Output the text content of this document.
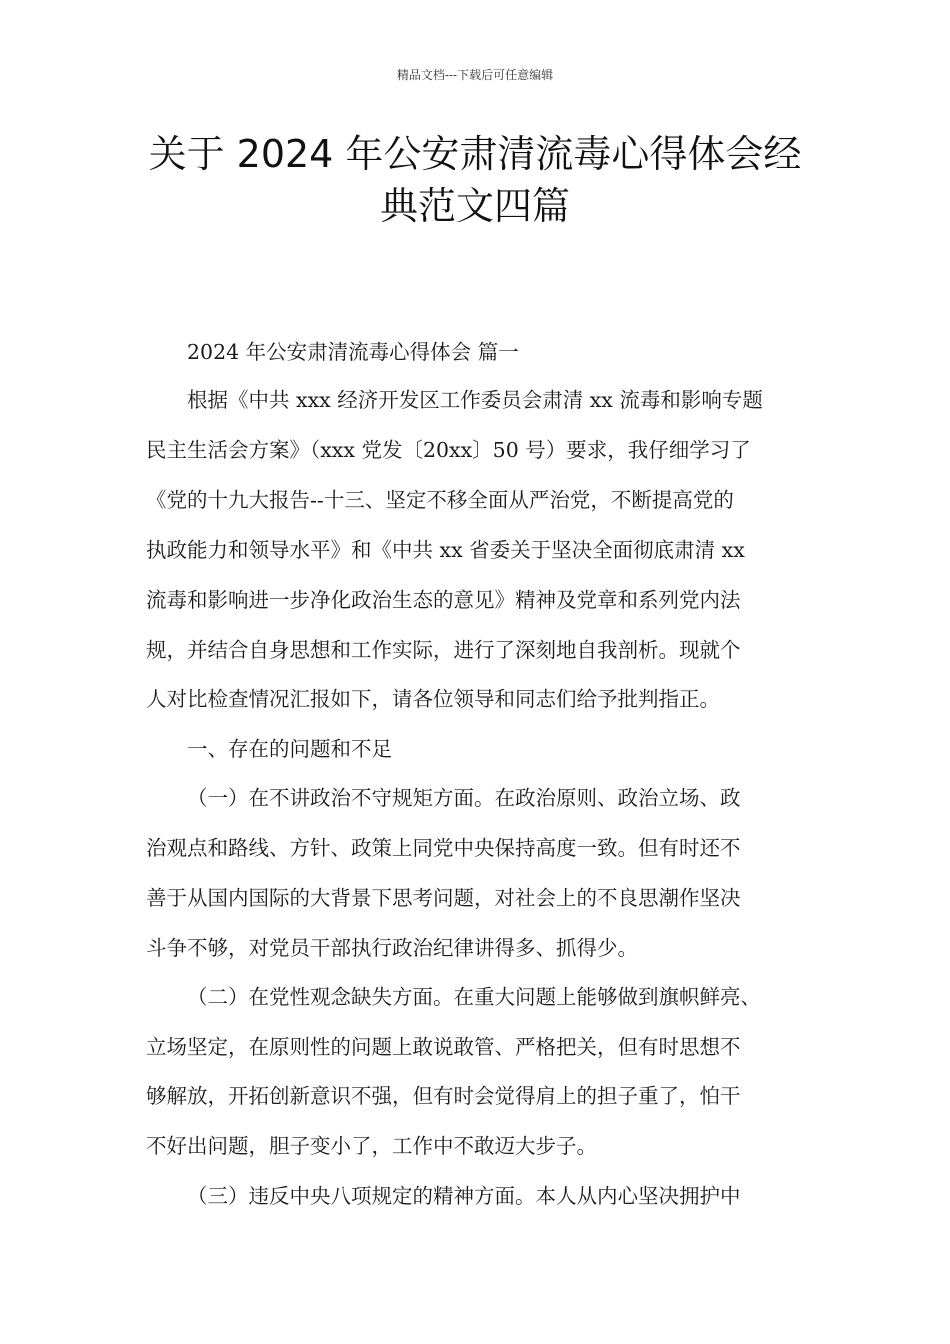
精品文档---下载后可任意编辑
关于 2024 年公安肃清流毒心得体会经
典范文四篇
2024 年公安肃清流毒心得体会 篇一
根据《中共 xxx 经济开发区工作委员会肃清 xx 流毒和影响专题
民主生活会方案》（xxx 党发〔20xx〕50 号）要求，我仔细学习了
《党的十九大报告--十三、坚定不移全面从严治党，不断提高党的
执政能力和领导水平》和《中共 xx 省委关于坚决全面彻底肃清 xx
流毒和影响进一步净化政治生态的意见》精神及党章和系列党内法
规，并结合自身思想和工作实际，进行了深刻地自我剖析。现就个
人对比检查情况汇报如下，请各位领导和同志们给予批判指正。
一、存在的问题和不足
（一）在不讲政治不守规矩方面。在政治原则、政治立场、政
治观点和路线、方针、政策上同党中央保持高度一致。但有时还不
善于从国内国际的大背景下思考问题，对社会上的不良思潮作坚决
斗争不够，对党员干部执行政治纪律讲得多、抓得少。
（二）在党性观念缺失方面。在重大问题上能够做到旗帜鲜亮、
立场坚定，在原则性的问题上敢说敢管、严格把关，但有时思想不
够解放，开拓创新意识不强，但有时会觉得肩上的担子重了，怕干
不好出问题，胆子变小了，工作中不敢迈大步子。
（三）违反中央八项规定的精神方面。本人从内心坚决拥护中
